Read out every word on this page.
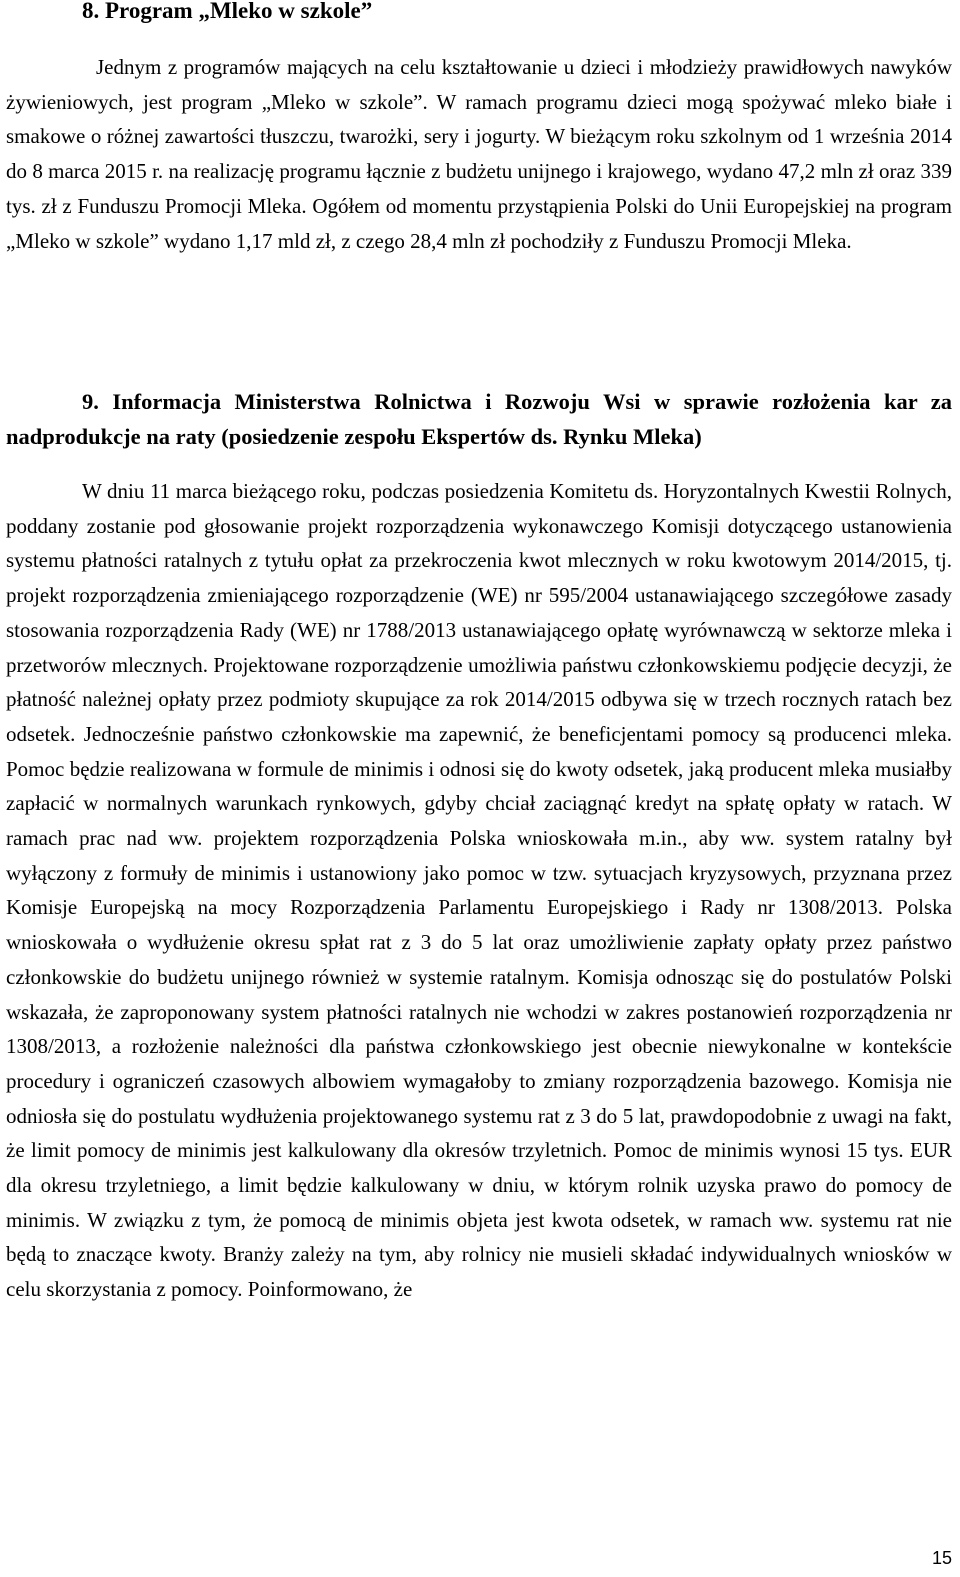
8. Program „Mleko w szkole”

Jednym z programów mających na celu kształtowanie u dzieci i młodzieży prawidłowych nawyków żywieniowych, jest program „Mleko w szkole”. W ramach programu dzieci mogą spożywać mleko białe i smakowe o różnej zawartości tłuszczu, twarożki, sery i jogurty. W bieżącym roku szkolnym od 1 września 2014 do 8 marca 2015 r. na realizację programu łącznie z budżetu unijnego i krajowego, wydano 47,2 mln zł oraz 339 tys. zł z Funduszu Promocji Mleka. Ogółem od momentu przystąpienia Polski do Unii Europejskiej na program „Mleko w szkole” wydano 1,17 mld zł, z czego 28,4 mln zł pochodziły z Funduszu Promocji Mleka.

9. Informacja Ministerstwa Rolnictwa i Rozwoju Wsi w sprawie rozłożenia kar za nadprodukcje na raty (posiedzenie zespołu Ekspertów ds. Rynku Mleka)

W dniu 11 marca bieżącego roku, podczas posiedzenia Komitetu ds. Horyzontalnych Kwestii Rolnych, poddany zostanie pod głosowanie projekt rozporządzenia wykonawczego Komisji dotyczącego ustanowienia systemu płatności ratalnych z tytułu opłat za przekroczenia kwot mlecznych w roku kwotowym 2014/2015, tj. projekt rozporządzenia zmieniającego rozporządzenie (WE) nr 595/2004 ustanawiającego szczegółowe zasady stosowania rozporządzenia Rady (WE) nr 1788/2013 ustanawiającego opłatę wyrównawczą w sektorze mleka i przetworów mlecznych. Projektowane rozporządzenie umożliwia państwu członkowskiemu podjęcie decyzji, że płatność należnej opłaty przez podmioty skupujące za rok 2014/2015 odbywa się w trzech rocznych ratach bez odsetek. Jednocześnie państwo członkowskie ma zapewnić, że beneficjentami pomocy są producenci mleka. Pomoc będzie realizowana w formule de minimis i odnosi się do kwoty odsetek, jaką producent mleka musiałby zapłacić w normalnych warunkach rynkowych, gdyby chciał zaciągnąć kredyt na spłatę opłaty w ratach. W ramach prac nad ww. projektem rozporządzenia Polska wnioskowała m.in., aby ww. system ratalny był wyłączony z formuły de minimis i ustanowiony jako pomoc w tzw. sytuacjach kryzysowych, przyznana przez Komisje Europejską na mocy Rozporządzenia Parlamentu Europejskiego i Rady nr 1308/2013. Polska wnioskowała o wydłużenie okresu spłat rat z 3 do 5 lat oraz umożliwienie zapłaty opłaty przez państwo członkowskie do budżetu unijnego również w systemie ratalnym. Komisja odnosząc się do postulatów Polski wskazała, że zaproponowany system płatności ratalnych nie wchodzi w zakres postanowień rozporządzenia nr 1308/2013, a rozłożenie należności dla państwa członkowskiego jest obecnie niewykonalne w kontekście procedury i ograniczeń czasowych albowiem wymagałoby to zmiany rozporządzenia bazowego. Komisja nie odniosła się do postulatu wydłużenia projektowanego systemu rat z 3 do 5 lat, prawdopodobnie z uwagi na fakt, że limit pomocy de minimis jest kalkulowany dla okresów trzyletnich. Pomoc de minimis wynosi 15 tys. EUR dla okresu trzyletniego, a limit będzie kalkulowany w dniu, w którym rolnik uzyska prawo do pomocy de minimis. W związku z tym, że pomocą de minimis objeta jest kwota odsetek, w ramach ww. systemu rat nie będą to znaczące kwoty. Branży zależy na tym, aby rolnicy nie musieli składać indywidualnych wniosków w celu skorzystania z pomocy. Poinformowano, że

15
